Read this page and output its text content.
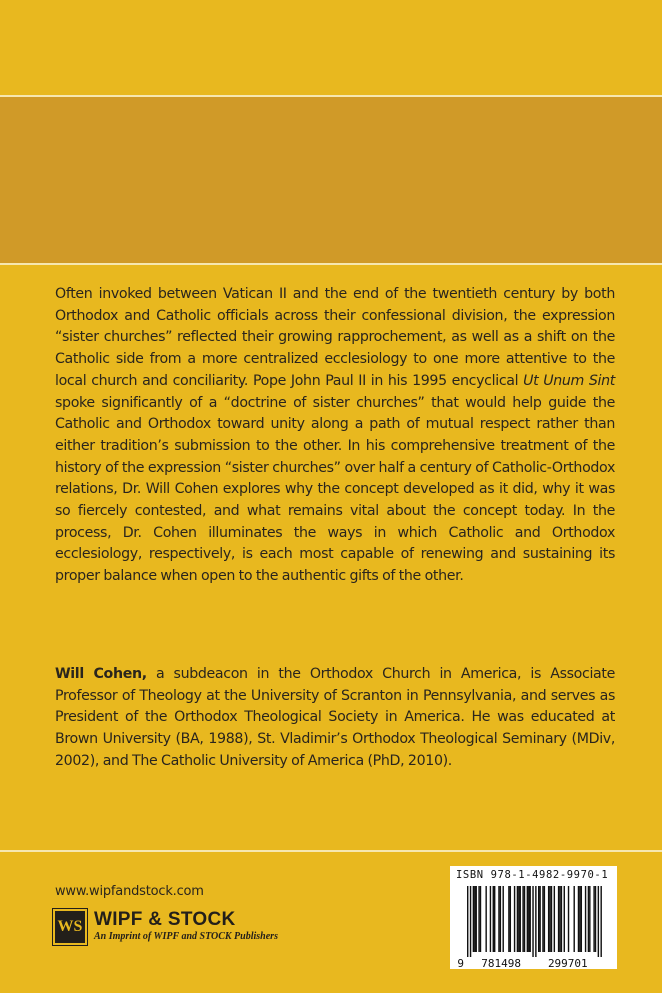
Often invoked between Vatican II and the end of the twentieth century by both Orthodox and Catholic officials across their confessional division, the expression “sister churches” reflected their growing rapprochement, as well as a shift on the Catholic side from a more centralized ecclesiology to one more attentive to the local church and conciliarity. Pope John Paul II in his 1995 encyclical Ut Unum Sint spoke significantly of a “doctrine of sister churches” that would help guide the Catholic and Orthodox toward unity along a path of mutual respect rather than either tradition’s submission to the other. In his comprehensive treatment of the history of the expression “sister churches” over half a century of Catholic-Orthodox relations, Dr. Will Cohen explores why the concept developed as it did, why it was so fiercely contested, and what remains vital about the concept today. In the process, Dr. Cohen illuminates the ways in which Catholic and Orthodox ecclesiology, respectively, is each most capable of renewing and sustaining its proper balance when open to the authentic gifts of the other.
Will Cohen, a subdeacon in the Orthodox Church in America, is Associate Professor of Theology at the University of Scranton in Pennsylvania, and serves as President of the Orthodox Theological Society in America. He was educated at Brown University (BA, 1988), St. Vladimir’s Orthodox Theological Seminary (MDiv, 2002), and The Catholic University of America (PhD, 2010).
www.wipfandstock.com
WS WIPF & STOCK
An Imprint of WIPF and STOCK Publishers
ISBN 978-1-4982-9970-1
9 781498 299701
